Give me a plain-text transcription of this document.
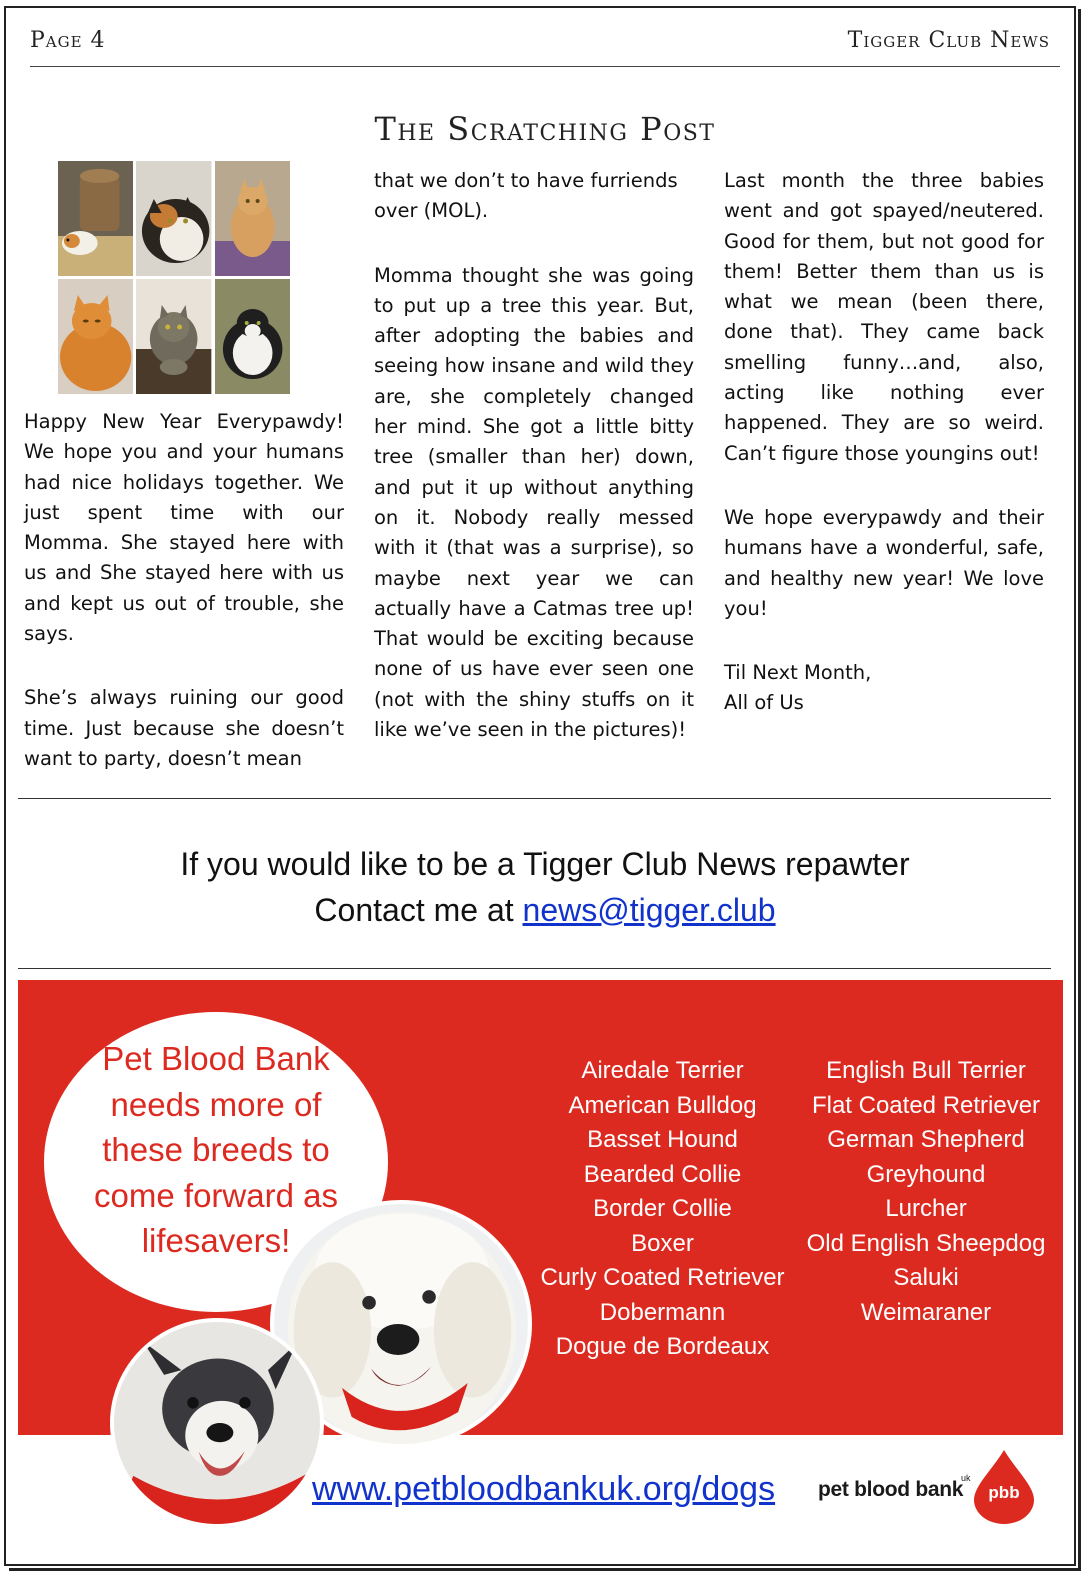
Page 4	Tigger Club News
The Scratching Post

Happy New Year Everypawdy! We hope you and your humans had nice holidays together. We just spent time with our Momma. She stayed here with us and She stayed here with us and kept us out of trouble, she says.

She’s always ruining our good time. Just because she doesn’t want to party, doesn’t mean

that we don’t to have furriends over (MOL).

Momma thought she was going to put up a tree this year. But, after adopting the babies and seeing how insane and wild they are, she completely changed her mind. She got a little bitty tree (smaller than her) down, and put it up without anything on it. Nobody really messed with it (that was a surprise), so maybe next year we can actually have a Catmas tree up! That would be exciting because none of us have ever seen one (not with the shiny stuffs on it like we’ve seen in the pictures)!

Last month the three babies went and got spayed/neutered. Good for them, but not good for them! Better them than us is what we mean (been there, done that). They came back smelling funny…and, also, acting like nothing ever happened. They are so weird. Can’t figure those youngins out!

We hope everypawdy and their humans have a wonderful, safe, and healthy new year! We love you!

Til Next Month,
All of Us

If you would like to be a Tigger Club News repawter
Contact me at news@tigger.club
Pet Blood Bank
needs more of
these breeds to
come forward as
lifesavers!
Airedale Terrier
American Bulldog
Basset Hound
Bearded Collie
Border Collie
Boxer
Curly Coated Retriever
Dobermann
Dogue de Bordeaux
English Bull Terrier
Flat Coated Retriever
German Shepherd
Greyhound
Lurcher
Old English Sheepdog
Saluki
Weimaraner
www.petbloodbankuk.org/dogs pet blood bank
uk
pbb
